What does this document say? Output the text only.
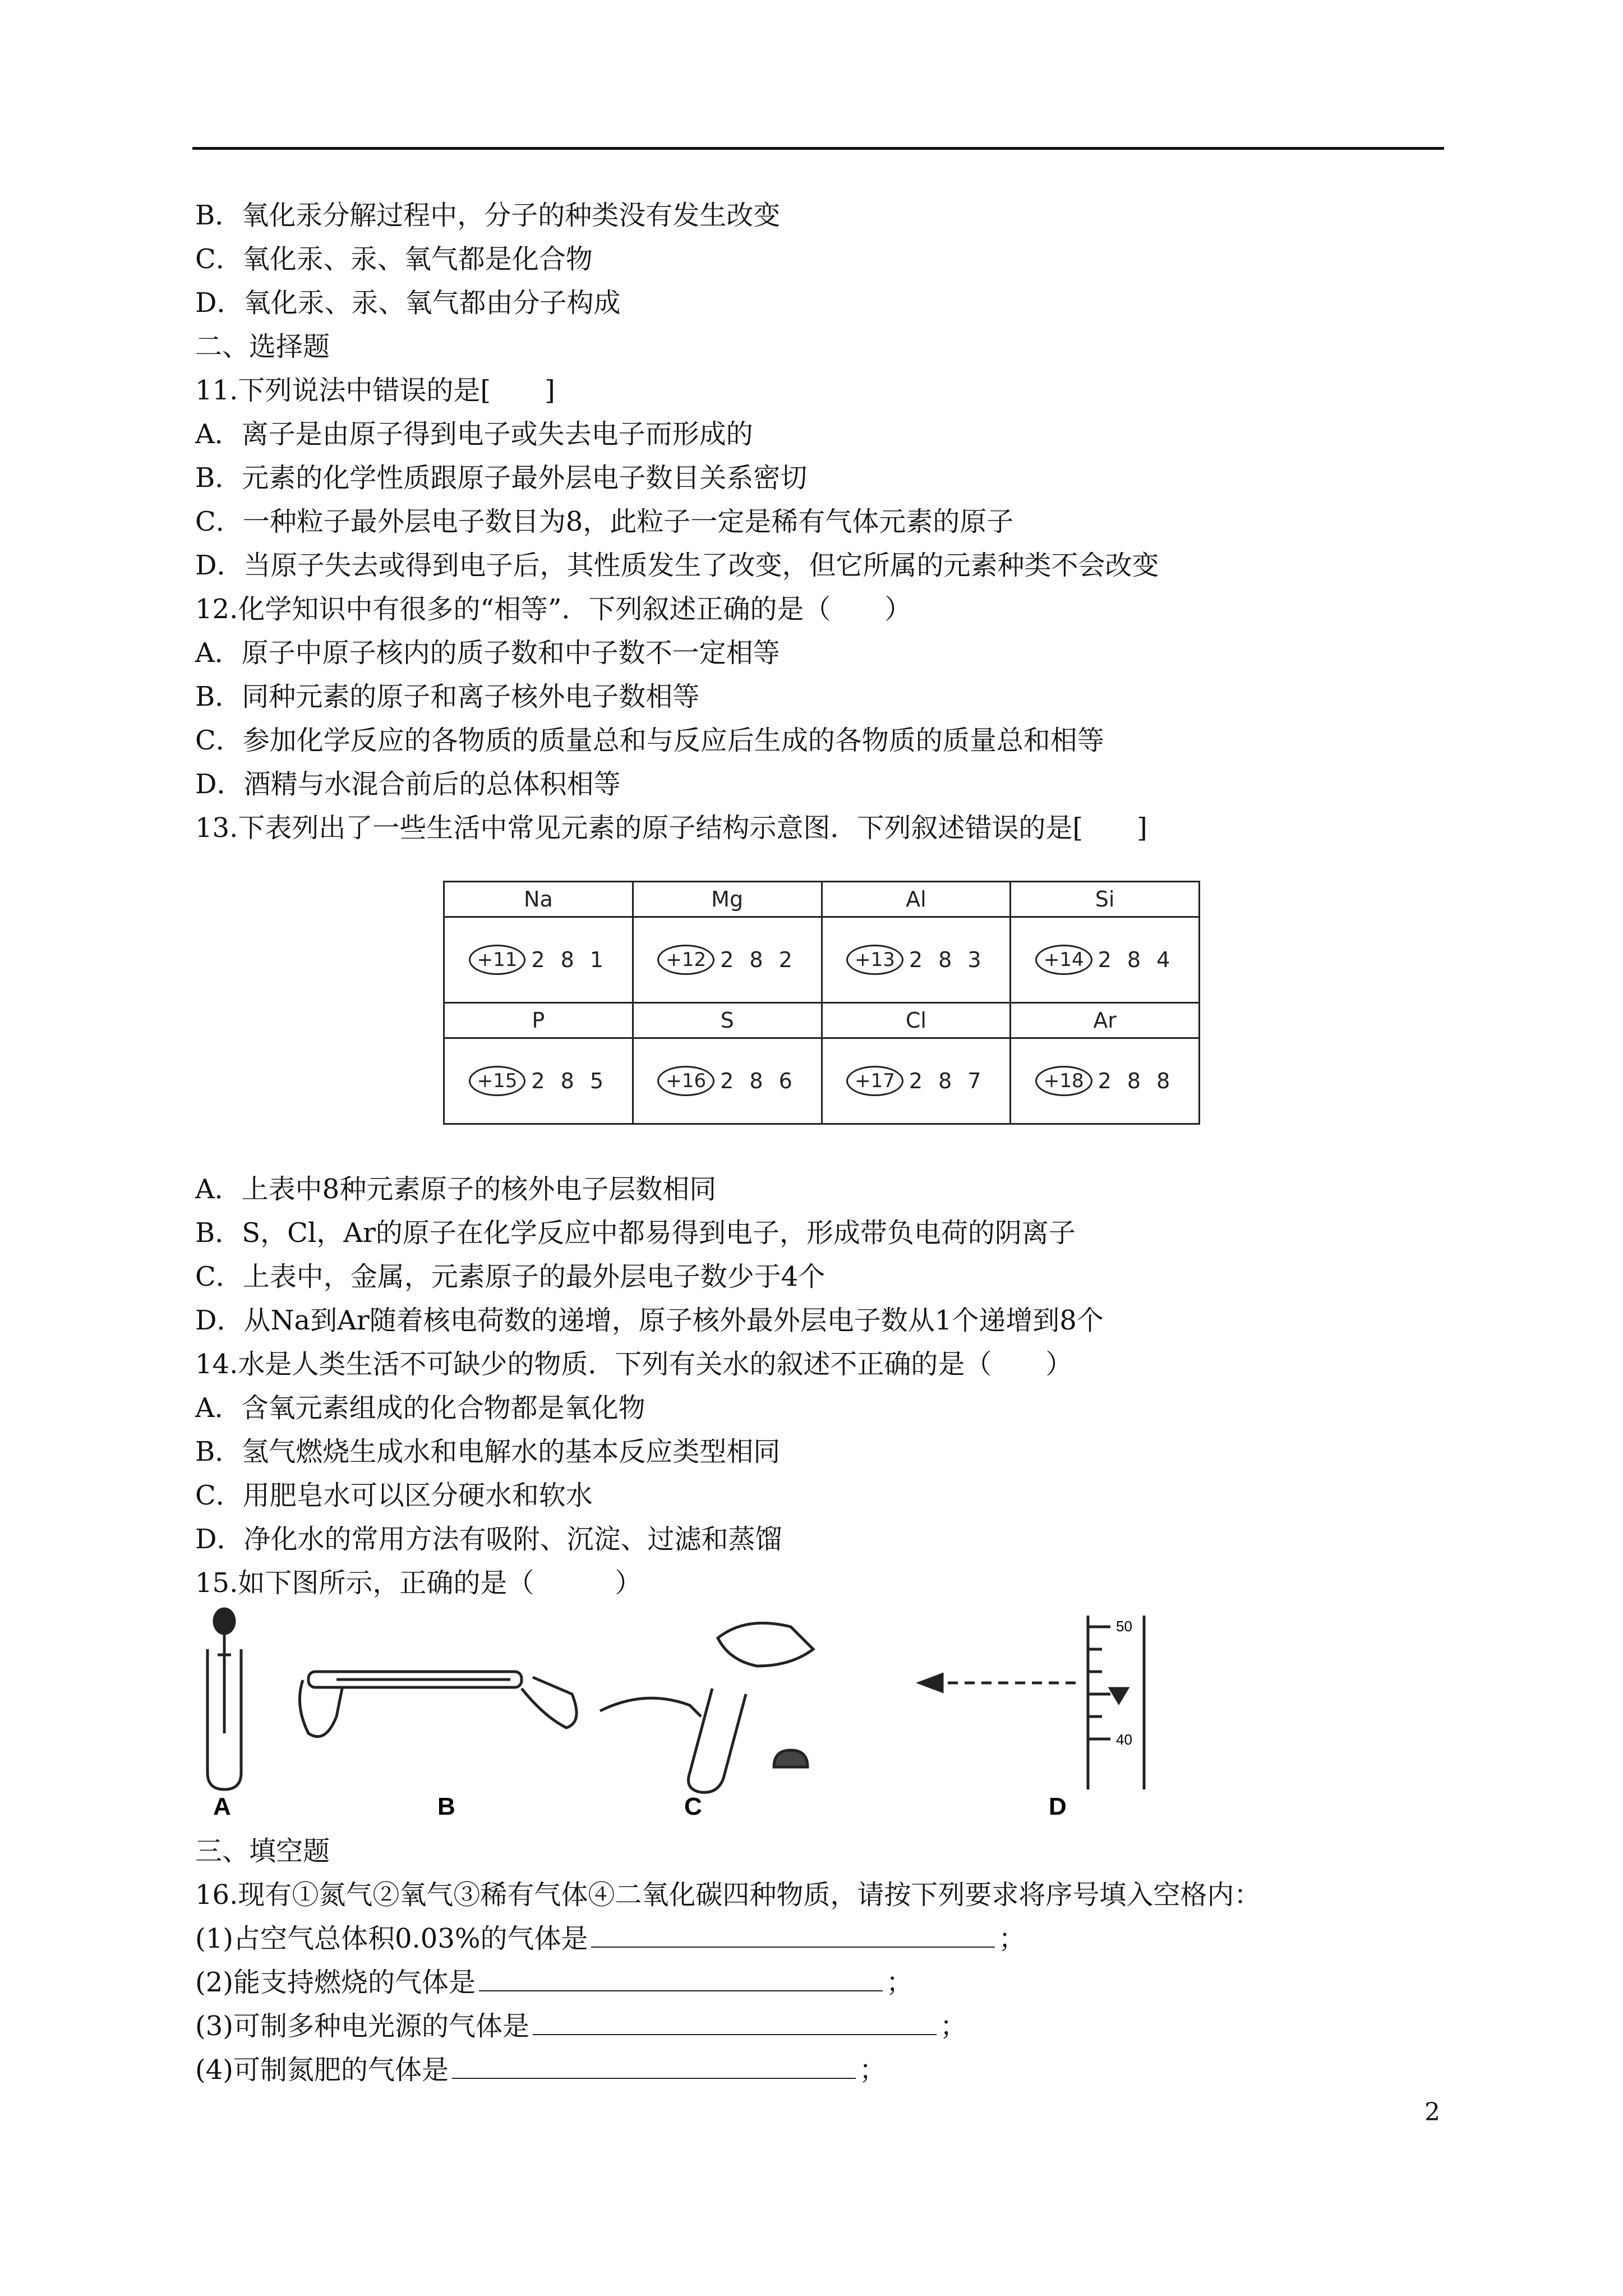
B．氧化汞分解过程中，分子的种类没有发生改变
C．氧化汞、汞、氧气都是化合物
D．氧化汞、汞、氧气都由分子构成
二、选择题
11.下列说法中错误的是[　　]
A．离子是由原子得到电子或失去电子而形成的
B．元素的化学性质跟原子最外层电子数目关系密切
C．一种粒子最外层电子数目为8，此粒子一定是稀有气体元素的原子
D．当原子失去或得到电子后，其性质发生了改变，但它所属的元素种类不会改变
12.化学知识中有很多的“相等”．下列叙述正确的是（　　）
A．原子中原子核内的质子数和中子数不一定相等
B．同种元素的原子和离子核外电子数相等
C．参加化学反应的各物质的质量总和与反应后生成的各物质的质量总和相等
D．酒精与水混合前后的总体积相等
13.下表列出了一些生活中常见元素的原子结构示意图．下列叙述错误的是[　　]
Na	Mg	Al	Si

+11 2 8 1	+12 2 8 2	+13 2 8 3	+14 2 8 4

P	S	Cl	Ar

+15 2 8 5	+16 2 8 6	+17 2 8 7	+18 2 8 8
A．上表中8种元素原子的核外电子层数相同
B．S，Cl，Ar的原子在化学反应中都易得到电子，形成带负电荷的阴离子
C．上表中，金属，元素原子的最外层电子数少于4个
D．从Na到Ar随着核电荷数的递增，原子核外最外层电子数从1个递增到8个
14.水是人类生活不可缺少的物质．下列有关水的叙述不正确的是（　　）
A．含氧元素组成的化合物都是氧化物
B．氢气燃烧生成水和电解水的基本反应类型相同
C．用肥皂水可以区分硬水和软水
D．净化水的常用方法有吸附、沉淀、过滤和蒸馏
15.如下图所示，正确的是（　　　）
A	B	C
50
40
D
三、填空题
16.现有①氮气②氧气③稀有气体④二氧化碳四种物质，请按下列要求将序号填入空格内：
(1)占空气总体积0.03%的气体是	；
(2)能支持燃烧的气体是	；
(3)可制多种电光源的气体是	；
(4)可制氮肥的气体是	；
2
